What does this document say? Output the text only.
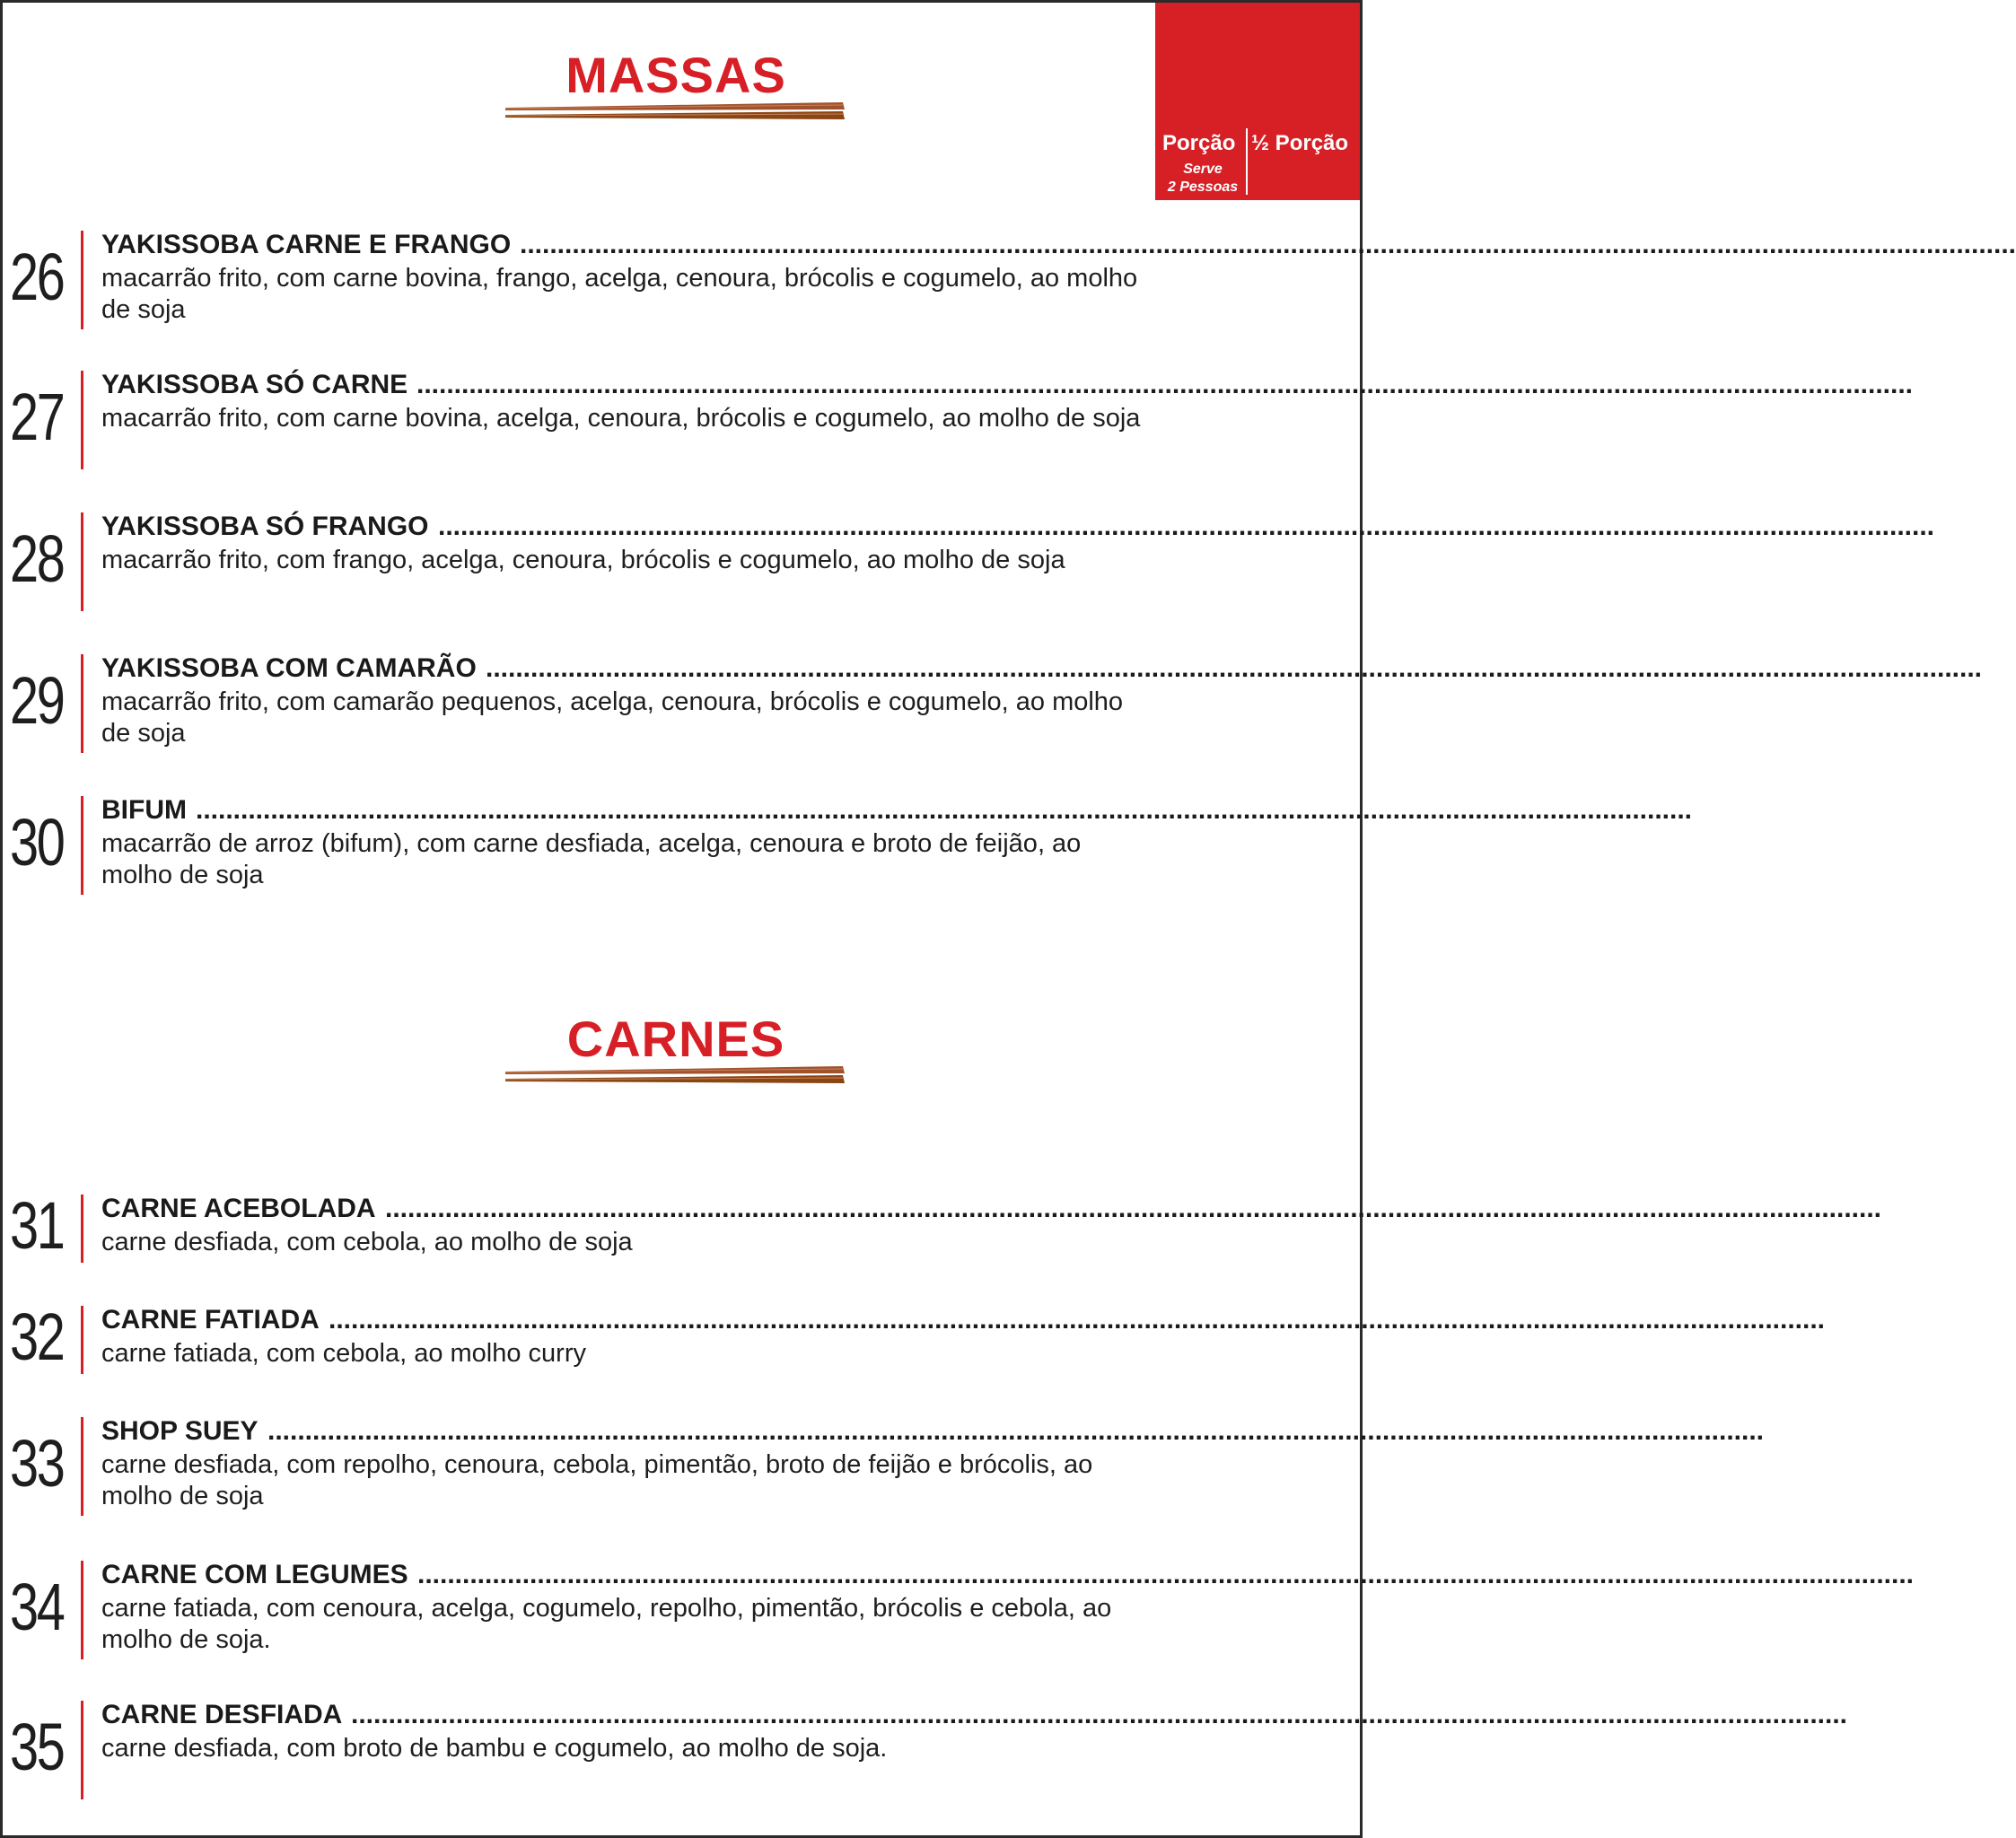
Porção
Serve
2 Pessoas
½ Porção
MASSAS
26 YAKISSOBA CARNE E FRANGO ........................................................................................................................................................................................................
macarrão frito, com carne bovina, frango, acelga, cenoura, brócolis e cogumelo, ao molho de soja
27 YAKISSOBA SÓ CARNE ........................................................................................................................................................................................................
macarrão frito, com carne bovina, acelga, cenoura, brócolis e cogumelo, ao molho de soja
28 YAKISSOBA SÓ FRANGO ........................................................................................................................................................................................................
macarrão frito, com frango, acelga, cenoura, brócolis e cogumelo, ao molho de soja
29 YAKISSOBA COM CAMARÃO ........................................................................................................................................................................................................
macarrão frito, com camarão pequenos, acelga, cenoura, brócolis e cogumelo, ao molho de soja
30 BIFUM ........................................................................................................................................................................................................
macarrão de arroz (bifum), com carne desfiada, acelga, cenoura e broto de feijão, ao molho de soja
CARNES
31 CARNE ACEBOLADA ........................................................................................................................................................................................................
carne desfiada, com cebola, ao molho de soja
32 CARNE FATIADA ........................................................................................................................................................................................................
carne fatiada, com cebola, ao molho curry
33 SHOP SUEY ........................................................................................................................................................................................................
carne desfiada, com repolho, cenoura, cebola, pimentão, broto de feijão e brócolis, ao molho de soja
34 CARNE COM LEGUMES ........................................................................................................................................................................................................
carne fatiada, com cenoura, acelga, cogumelo, repolho, pimentão, brócolis e cebola, ao molho de soja.
35 CARNE DESFIADA ........................................................................................................................................................................................................
carne desfiada, com broto de bambu e cogumelo, ao molho de soja.
